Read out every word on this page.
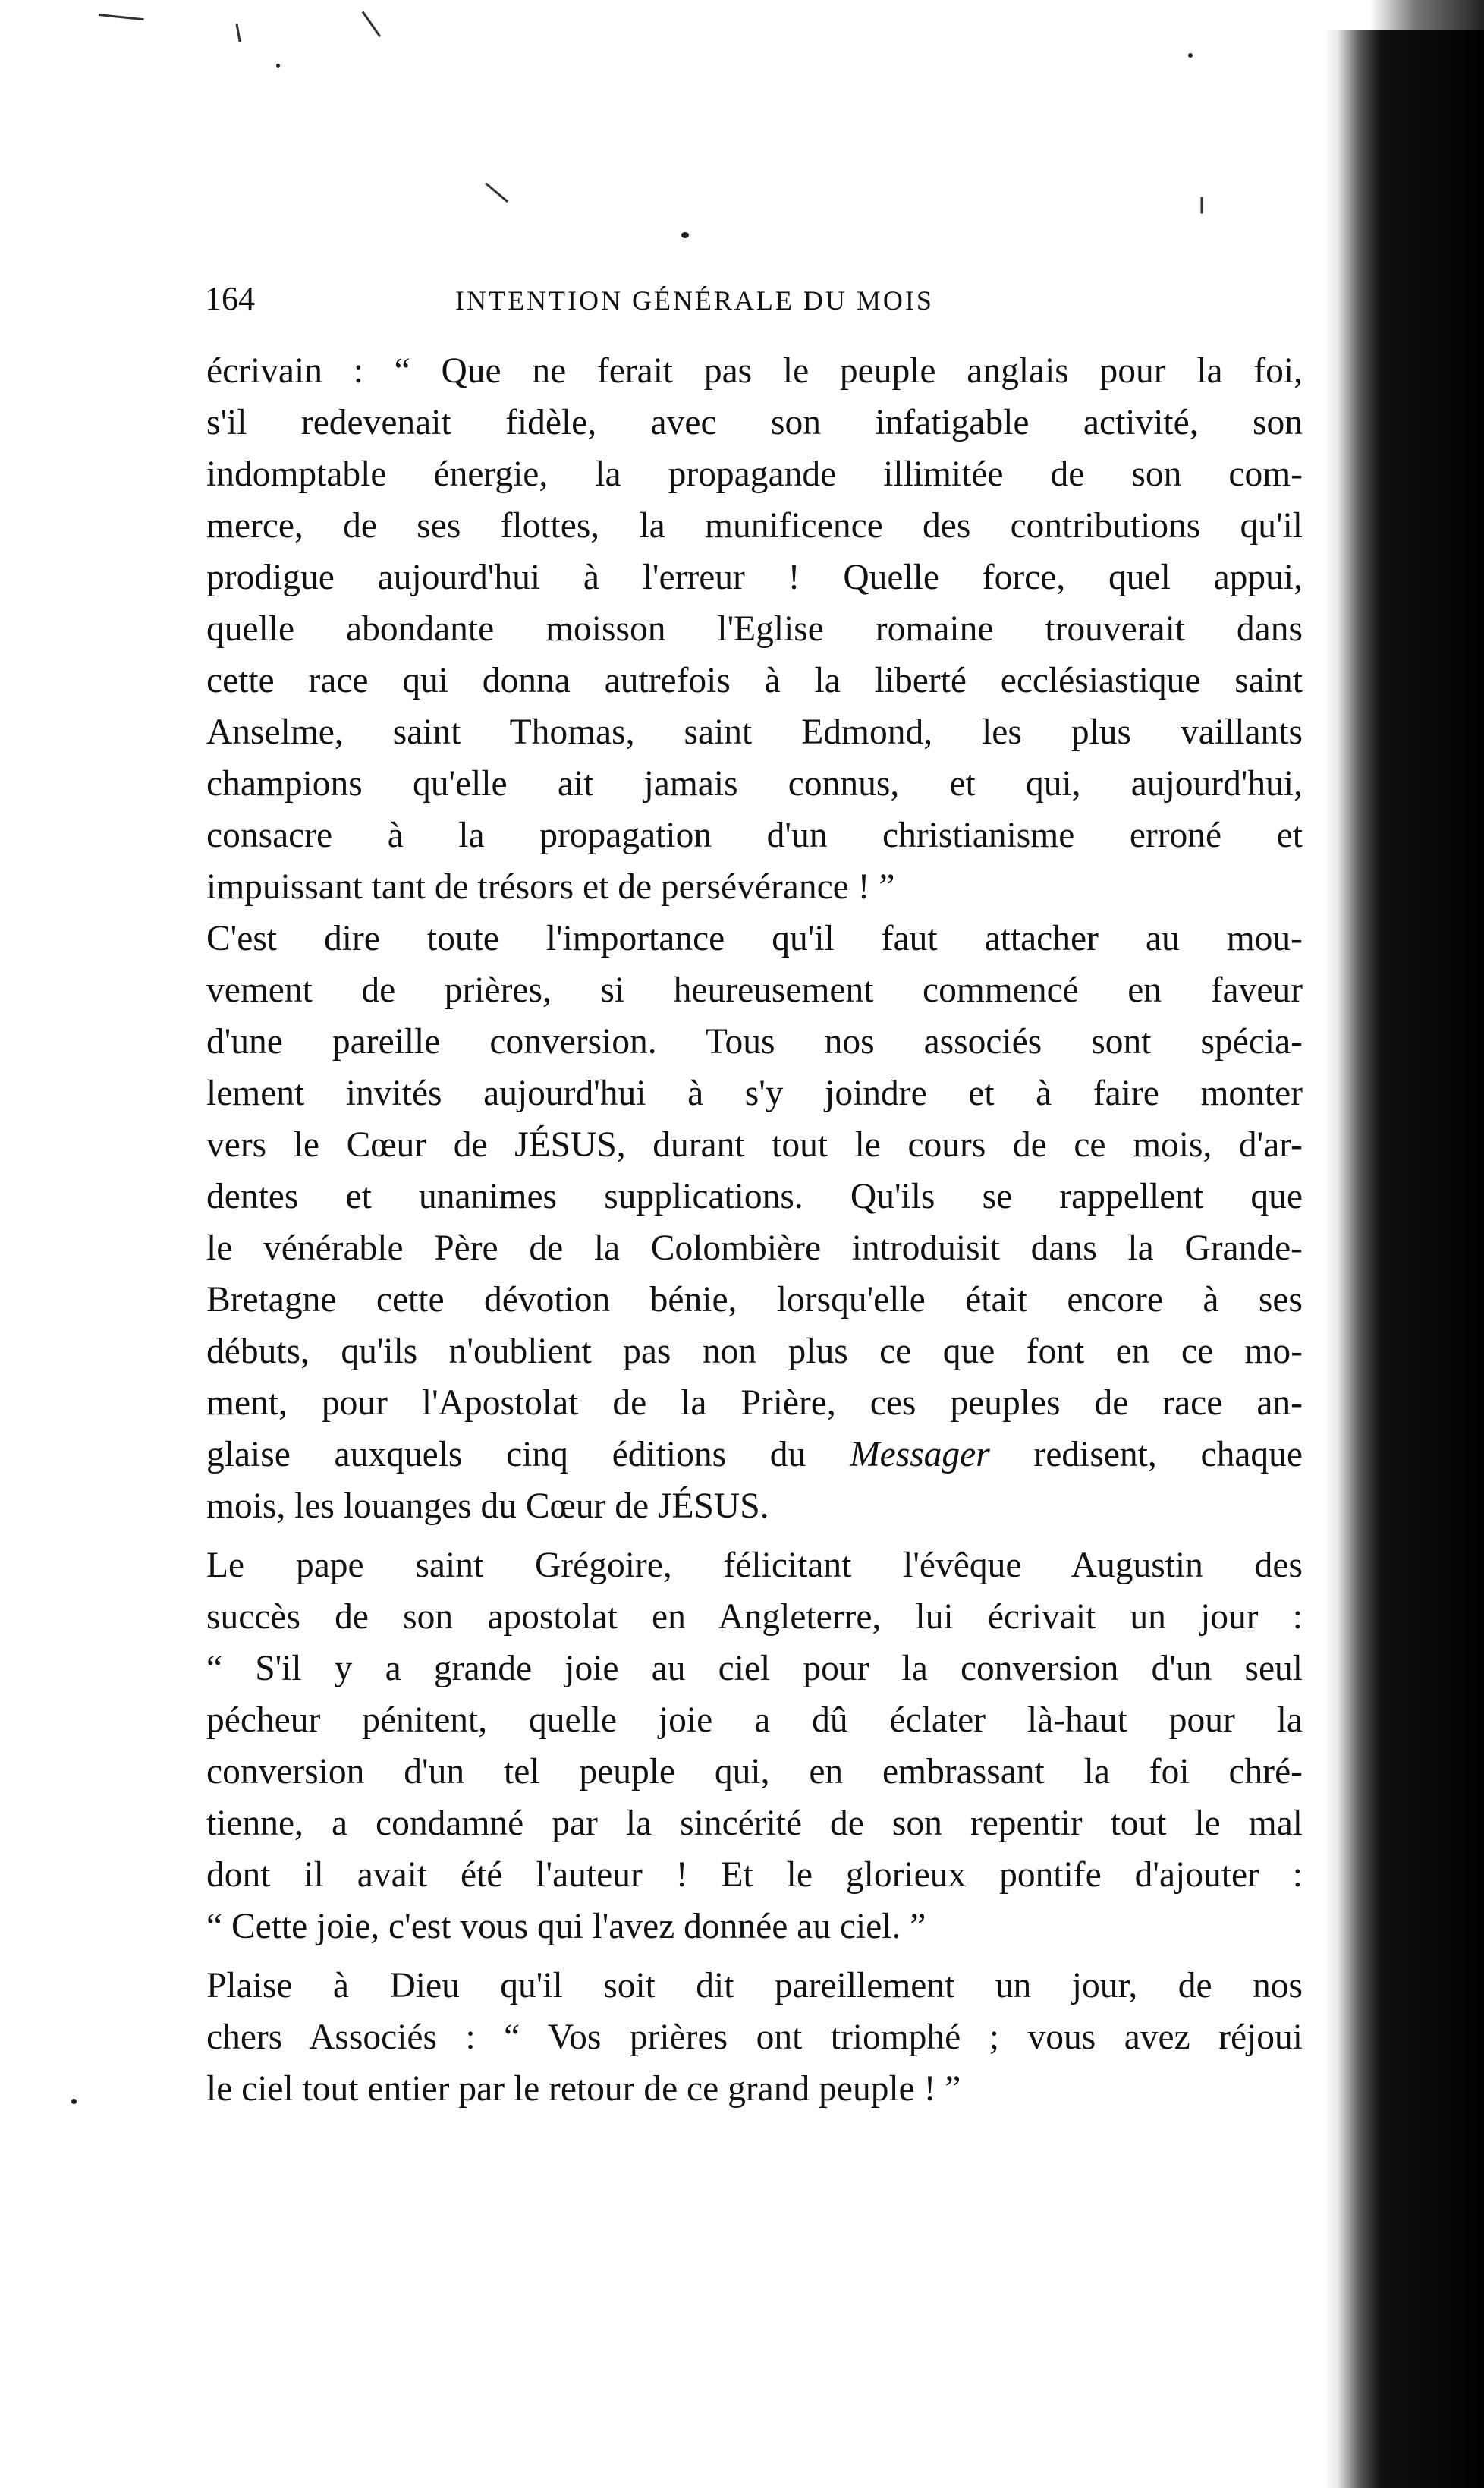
164	INTENTION GÉNÉRALE DU MOIS
écrivain : “ Que ne ferait pas le peuple anglais pour la foi,
s'il redevenait fidèle, avec son infatigable activité, son
indomptable énergie, la propagande illimitée de son com-
merce, de ses flottes, la munificence des contributions qu'il
prodigue aujourd'hui à l'erreur ! Quelle force, quel appui,
quelle abondante moisson l'Eglise romaine trouverait dans
cette race qui donna autrefois à la liberté ecclésiastique saint
Anselme, saint Thomas, saint Edmond, les plus vaillants
champions qu'elle ait jamais connus, et qui, aujourd'hui,
consacre à la propagation d'un christianisme erroné et
impuissant tant de trésors et de persévérance ! ”
C'est dire toute l'importance qu'il faut attacher au mou-
vement de prières, si heureusement commencé en faveur
d'une pareille conversion. Tous nos associés sont spécia-
lement invités aujourd'hui à s'y joindre et à faire monter
vers le Cœur de JÉSUS, durant tout le cours de ce mois, d'ar-
dentes et unanimes supplications. Qu'ils se rappellent que
le vénérable Père de la Colombière introduisit dans la Grande-
Bretagne cette dévotion bénie, lorsqu'elle était encore à ses
débuts, qu'ils n'oublient pas non plus ce que font en ce mo-
ment, pour l'Apostolat de la Prière, ces peuples de race an-
glaise auxquels cinq éditions du Messager redisent, chaque
mois, les louanges du Cœur de JÉSUS.
Le pape saint Grégoire, félicitant l'évêque Augustin des
succès de son apostolat en Angleterre, lui écrivait un jour :
“ S'il y a grande joie au ciel pour la conversion d'un seul
pécheur pénitent, quelle joie a dû éclater là-haut pour la
conversion d'un tel peuple qui, en embrassant la foi chré-
tienne, a condamné par la sincérité de son repentir tout le mal
dont il avait été l'auteur ! Et le glorieux pontife d'ajouter :
“ Cette joie, c'est vous qui l'avez donnée au ciel. ”
Plaise à Dieu qu'il soit dit pareillement un jour, de nos
chers Associés : “ Vos prières ont triomphé ; vous avez réjoui
le ciel tout entier par le retour de ce grand peuple ! ”
